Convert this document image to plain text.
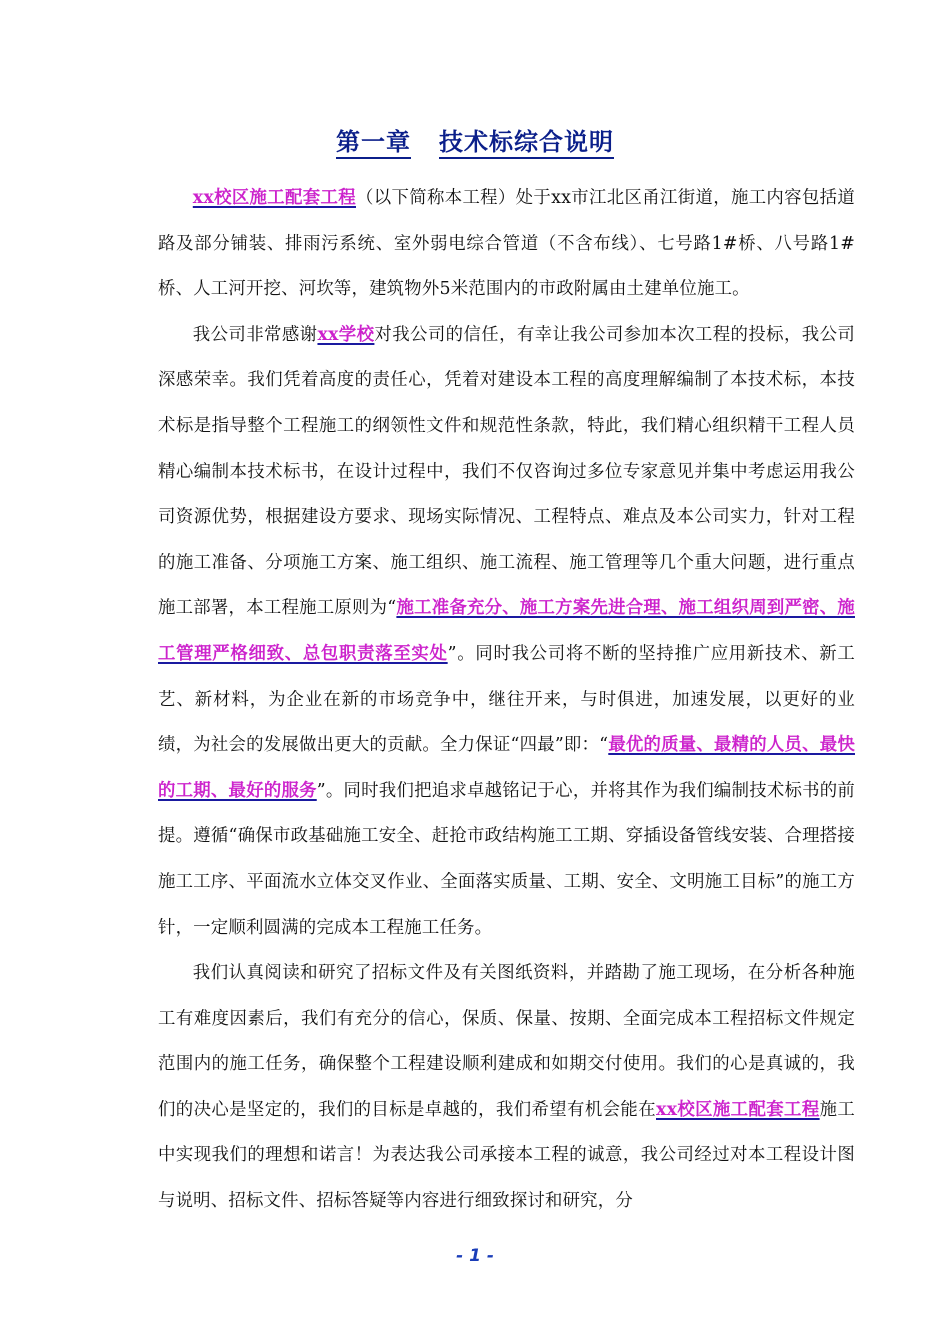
第一章 技术标综合说明

xx校区施工配套工程（以下简称本工程）处于xx市江北区甬江街道，施工内容包括道路及部分铺装、排雨污系统、室外弱电综合管道（不含布线）、七号路1#桥、八号路1#桥、人工河开挖、河坎等，建筑物外5米范围内的市政附属由土建单位施工。

我公司非常感谢xx学校对我公司的信任，有幸让我公司参加本次工程的投标，我公司深感荣幸。我们凭着高度的责任心，凭着对建设本工程的高度理解编制了本技术标，本技术标是指导整个工程施工的纲领性文件和规范性条款，特此，我们精心组织精干工程人员精心编制本技术标书，在设计过程中，我们不仅咨询过多位专家意见并集中考虑运用我公司资源优势，根据建设方要求、现场实际情况、工程特点、难点及本公司实力，针对工程的施工准备、分项施工方案、施工组织、施工流程、施工管理等几个重大问题，进行重点施工部署，本工程施工原则为“施工准备充分、施工方案先进合理、施工组织周到严密、施工管理严格细致、总包职责落至实处”。同时我公司将不断的坚持推广应用新技术、新工艺、新材料，为企业在新的市场竞争中，继往开来，与时俱进，加速发展，以更好的业绩，为社会的发展做出更大的贡献。全力保证“四最”即：“最优的质量、最精的人员、最快的工期、最好的服务”。同时我们把追求卓越铭记于心，并将其作为我们编制技术标书的前提。遵循“确保市政基础施工安全、赶抢市政结构施工工期、穿插设备管线安装、合理搭接施工工序、平面流水立体交叉作业、全面落实质量、工期、安全、文明施工目标”的施工方针，一定顺利圆满的完成本工程施工任务。

我们认真阅读和研究了招标文件及有关图纸资料，并踏勘了施工现场，在分析各种施工有难度因素后，我们有充分的信心，保质、保量、按期、全面完成本工程招标文件规定范围内的施工任务，确保整个工程建设顺利建成和如期交付使用。我们的心是真诚的，我们的决心是坚定的，我们的目标是卓越的，我们希望有机会能在xx校区施工配套工程施工中实现我们的理想和诺言！为表达我公司承接本工程的诚意，我公司经过对本工程设计图与说明、招标文件、招标答疑等内容进行细致探讨和研究，分

- 1 -
